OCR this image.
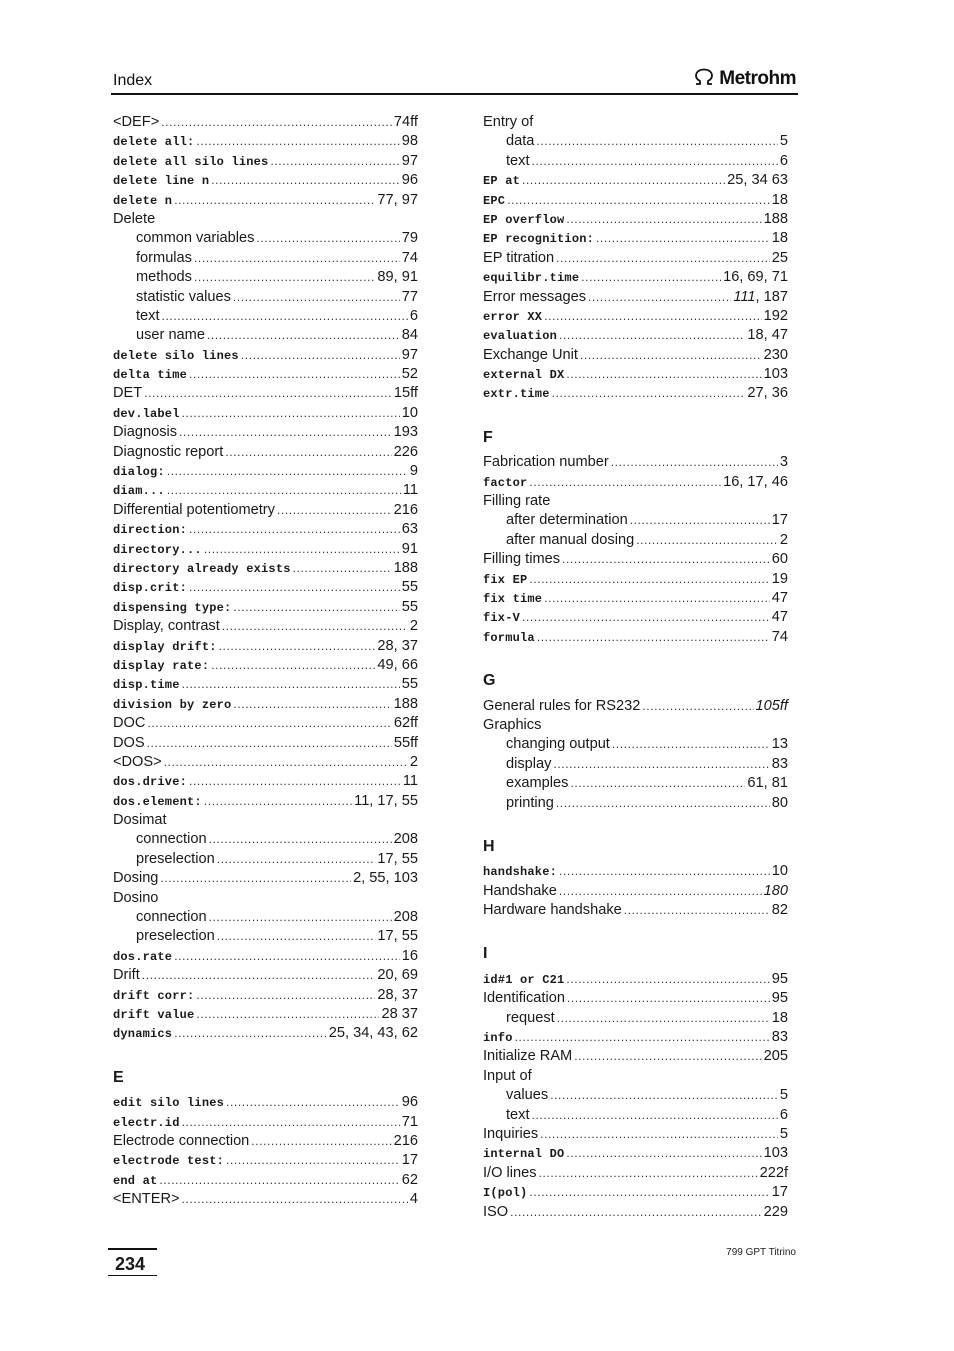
Index	Metrohm
<DEF> .....	74ff
delete all: .....	98
delete all silo lines .....	97
delete line n .....	96
delete n .....	77, 97
Delete
common variables .....	79
formulas .....	74
methods .....	89, 91
statistic values .....	77
text .....	6
user name .....	84
delete silo lines .....	97
delta time .....	52
DET .....	15ff
dev.label .....	10
Diagnosis .....	193
Diagnostic report .....	226
dialog: .....	9
diam... .....	11
Differential potentiometry .....	216
direction: .....	63
directory... .....	91
directory already exists .....	188
disp.crit: .....	55
dispensing type: .....	55
Display, contrast .....	2
display drift: .....	28, 37
display rate: .....	49, 66
disp.time .....	55
division by zero .....	188
DOC .....	62ff
DOS .....	55ff
<DOS> .....	2
dos.drive: .....	11
dos.element: .....	11, 17, 55
Dosimat
connection .....	208
preselection .....	17, 55
Dosing .....	2, 55, 103
Dosino
connection .....	208
preselection .....	17, 55
dos.rate .....	16
Drift .....	20, 69
drift corr: .....	28, 37
drift value .....	28 37
dynamics .....	25, 34, 43, 62
E
edit silo lines .....	96
electr.id .....	71
Electrode connection .....	216
electrode test: .....	17
end at .....	62
<ENTER> .....	4
Entry of
data .....	5
text .....	6
EP at .....	25, 34 63
EPC .....	18
EP overflow .....	188
EP recognition: .....	18
EP titration .....	25
equilibr.time .....	16, 69, 71
Error messages .....	111, 187
error XX .....	192
evaluation .....	18, 47
Exchange Unit .....	230
external DX .....	103
extr.time .....	27, 36
F
Fabrication number .....	3
factor .....	16, 17, 46
Filling rate
after determination .....	17
after manual dosing .....	2
Filling times .....	60
fix EP .....	19
fix time .....	47
fix-V .....	47
formula .....	74
G
General rules for RS232 .....	105ff
Graphics
changing output .....	13
display .....	83
examples .....	61, 81
printing .....	80
H
handshake: .....	10
Handshake .....	180
Hardware handshake .....	82
I
id#1 or C21 .....	95
Identification .....	95
request .....	18
info .....	83
Initialize RAM .....	205
Input of
values .....	5
text .....	6
Inquiries .....	5
internal DO .....	103
I/O lines .....	222f
I(pol) .....	17
ISO .....	229
234
799 GPT Titrino
